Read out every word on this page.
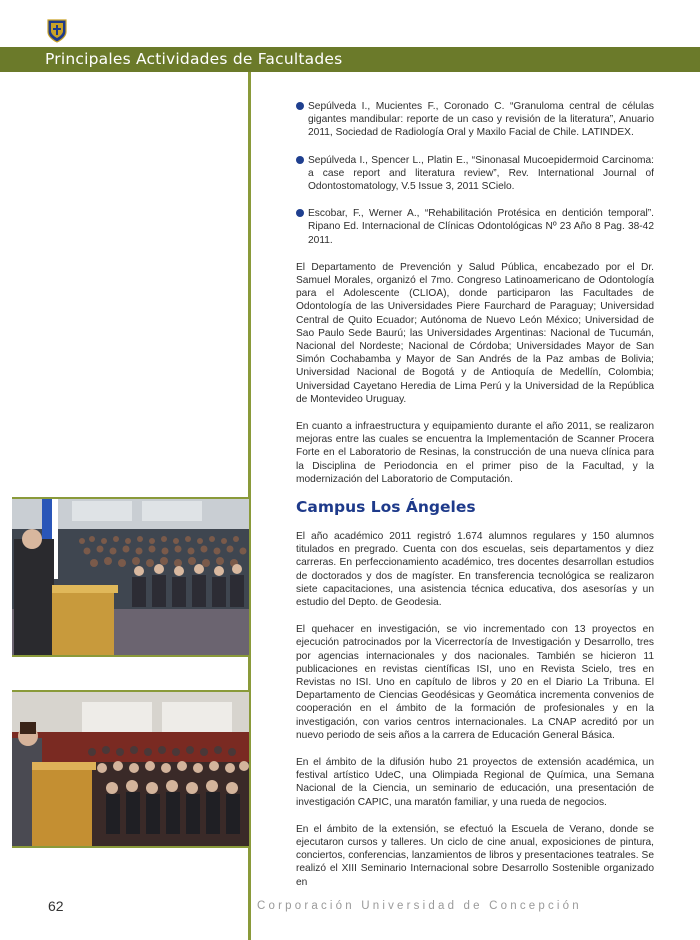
Principales Actividades de Facultades
Sepúlveda I., Mucientes F., Coronado C. “Granuloma central de células gigantes mandibular: reporte de un caso y revisión de la literatura”, Anuario 2011, Sociedad de Radiología Oral y Maxilo Facial de Chile. LATINDEX.
Sepúlveda I., Spencer L., Platin E., “Sinonasal Mucoepidermoid Carcinoma: a case report and literatura review”, Rev. International Journal of Odontostomatology, V.5 Issue 3, 2011 SCielo.
Escobar, F., Werner A., “Rehabilitación Protésica en dentición temporal”. Ripano Ed. Internacional de Clínicas Odontológicas Nº 23 Año 8 Pag. 38-42 2011.

El Departamento de Prevención y Salud Pública, encabezado por el Dr. Samuel Morales, organizó el 7mo. Congreso Latinoamericano de Odontología para el Adolescente (CLIOA), donde participaron las Facultades de Odontología de las Universidades Piere Faurchard de Paraguay; Universidad Central de Quito Ecuador; Autónoma de Nuevo León México; Universidad de Sao Paulo Sede Baurú; las Universidades Argentinas: Nacional de Tucumán, Nacional del Nordeste; Nacional de Córdoba; Universidades Mayor de San Simón Cochabamba y Mayor de San Andrés de la Paz ambas de Bolivia; Universidad Nacional de Bogotá y de Antioquía de Medellín, Colombia; Universidad Cayetano Heredia de Lima Perú y la Universidad de la República de Montevideo Uruguay.

En cuanto a infraestructura y equipamiento durante el año 2011, se realizaron mejoras entre las cuales se encuentra la Implementación de Scanner Procera Forte en el Laboratorio de Resinas, la construcción de una nueva clínica para la Disciplina de Periodoncia en el primer piso de la Facultad, y la modernización del Laboratorio de Computación.

Campus Los Ángeles

El año académico 2011 registró 1.674 alumnos regulares y 150 alumnos titulados en pregrado. Cuenta con dos escuelas, seis departamentos y diez carreras. En perfeccionamiento académico, tres docentes desarrollan estudios de doctorados y dos de magíster. En transferencia tecnológica se realizaron siete capacitaciones, una asistencia técnica educativa, dos asesorías y un estudio del Depto. de Geodesia.

El quehacer en investigación, se vio incrementado con 13 proyectos en ejecución patrocinados por la Vicerrectoría de Investigación y Desarrollo, tres por agencias internacionales y dos nacionales. También se hicieron 11 publicaciones en revistas científicas ISI, uno en Revista Scielo, tres en Revistas no ISI. Uno en capítulo de libros y 20 en el Diario La Tribuna. El Departamento de Ciencias Geodésicas y Geomática incrementa convenios de cooperación en el ámbito de la formación de profesionales y en la investigación, con varios centros internacionales. La CNAP acreditó por un nuevo periodo de seis años a la carrera de Educación General Básica.

En el ámbito de la difusión hubo 21 proyectos de extensión académica, un festival artístico UdeC, una Olimpiada Regional de Química, una Semana Nacional de la Ciencia, un seminario de educación, una presentación de investigación CAPIC, una maratón familiar, y una rueda de negocios.

En el ámbito de la extensión, se efectuó la Escuela de Verano, donde se ejecutaron cursos y talleres. Un ciclo de cine anual, exposiciones de pintura, conciertos, conferencias, lanzamientos de libros y presentaciones teatrales. Se realizó el XIII Seminario Internacional sobre Desarrollo Sostenible organizado en

62	Corporación Universidad de Concepción
